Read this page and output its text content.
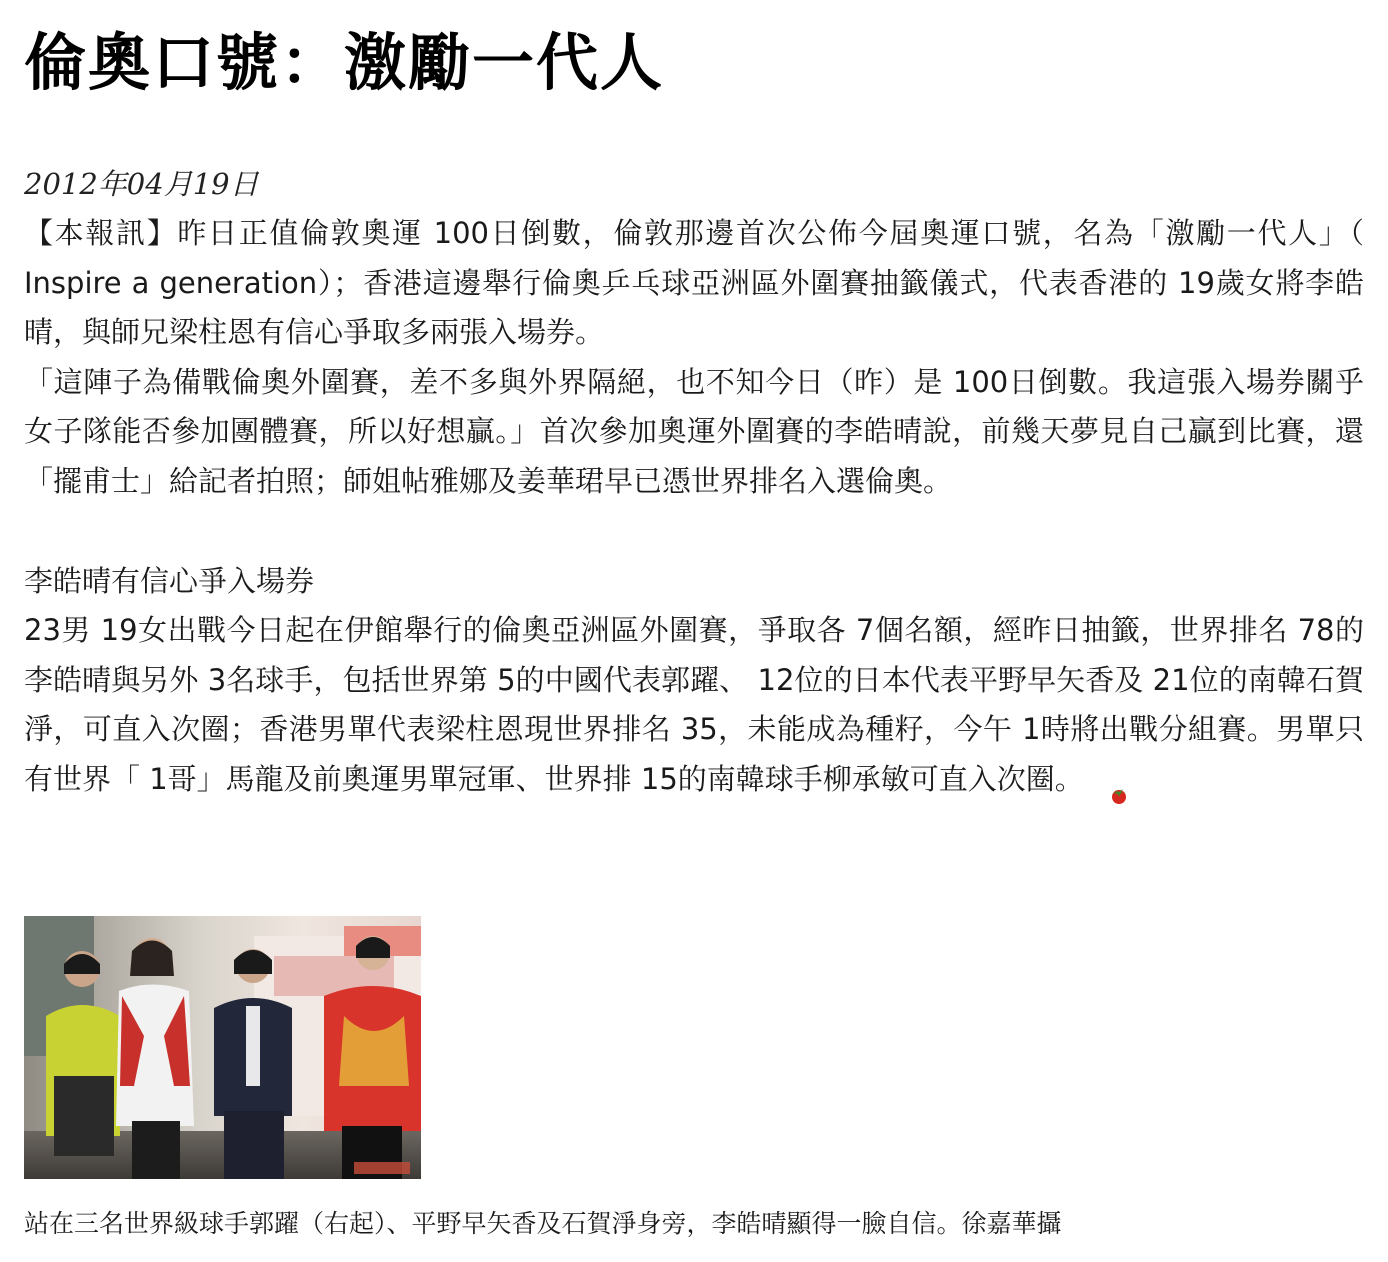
倫奧口號：激勵一代人
2012年04月19日

【本報訊】昨日正值倫敦奧運 100日倒數，倫敦那邊首次公佈今屆奧運口號，名為「激勵一代人」（ Inspire a generation）；香港這邊舉行倫奧乒乓球亞洲區外圍賽抽籤儀式，代表香港的 19歲女將李皓晴，與師兄梁柱恩有信心爭取多兩張入場券。

「這陣子為備戰倫奧外圍賽，差不多與外界隔絕，也不知今日（昨）是 100日倒數。我這張入場券關乎女子隊能否參加團體賽，所以好想贏。」首次參加奧運外圍賽的李皓晴說，前幾天夢見自己贏到比賽，還「擺甫士」給記者拍照；師姐帖雅娜及姜華珺早已憑世界排名入選倫奧。

李皓晴有信心爭入場券

23男 19女出戰今日起在伊館舉行的倫奧亞洲區外圍賽，爭取各 7個名額，經昨日抽籤，世界排名 78的李皓晴與另外 3名球手，包括世界第 5的中國代表郭躍、 12位的日本代表平野早矢香及 21位的南韓石賀淨，可直入次圈；香港男單代表梁柱恩現世界排名 35，未能成為種籽，今午 1時將出戰分組賽。男單只有世界「 1哥」馬龍及前奧運男單冠軍、世界排 15的南韓球手柳承敏可直入次圈。

站在三名世界級球手郭躍（右起）、平野早矢香及石賀淨身旁，李皓晴顯得一臉自信。徐嘉華攝
